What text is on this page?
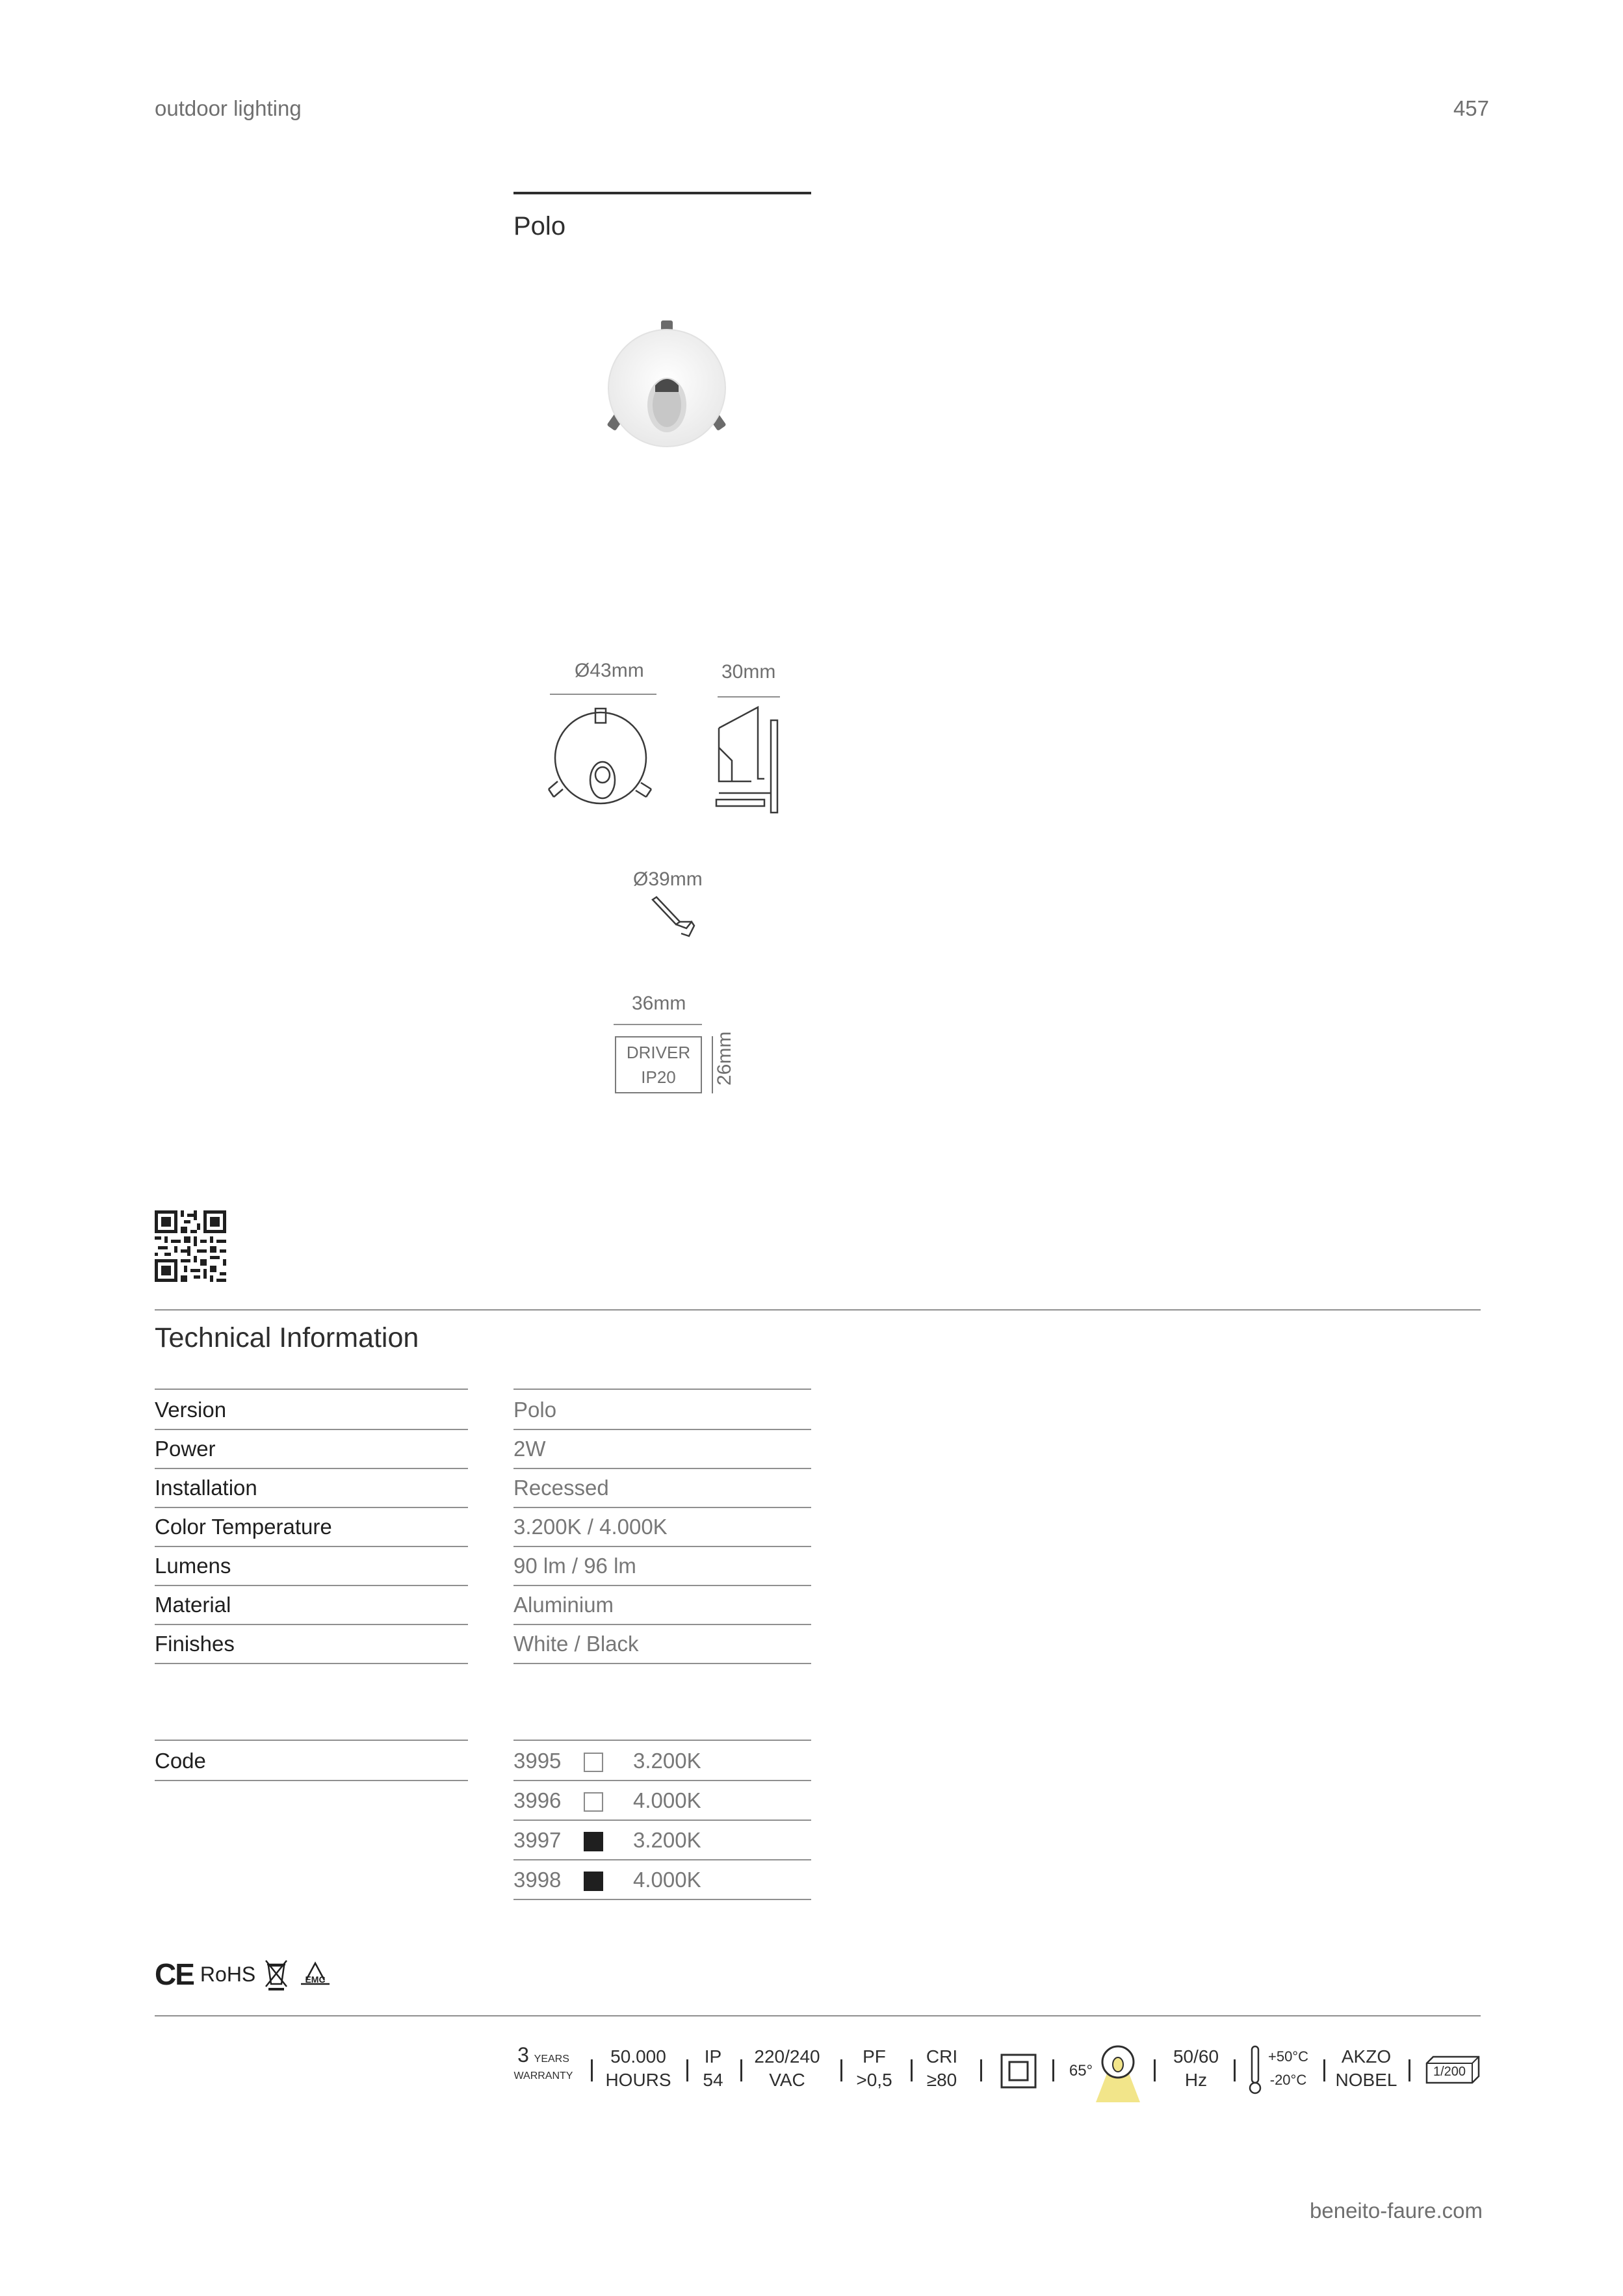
outdoor lighting	457
Polo
Ø43mm	30mm
Ø39mm
36mm
DRIVER
IP20	26mm
Technical Information
Version	Polo
Power	2W
Installation	Recessed
Color Temperature	3.200K / 4.000K
Lumens	90 lm / 96 lm
Material	Aluminium
Finishes	White / Black
Code	3995	3.200K
3996	4.000K
3997	3.200K
3998	4.000K
CE RoHS	EMC
3 YEARS
WARRANTY
50.000
HOURS
IP
54
220/240
VAC
PF
>0,5
CRI
≥80	65°
50/60
Hz
+50°C
-20°C
AKZO
NOBEL	1/200
beneito-faure.com
